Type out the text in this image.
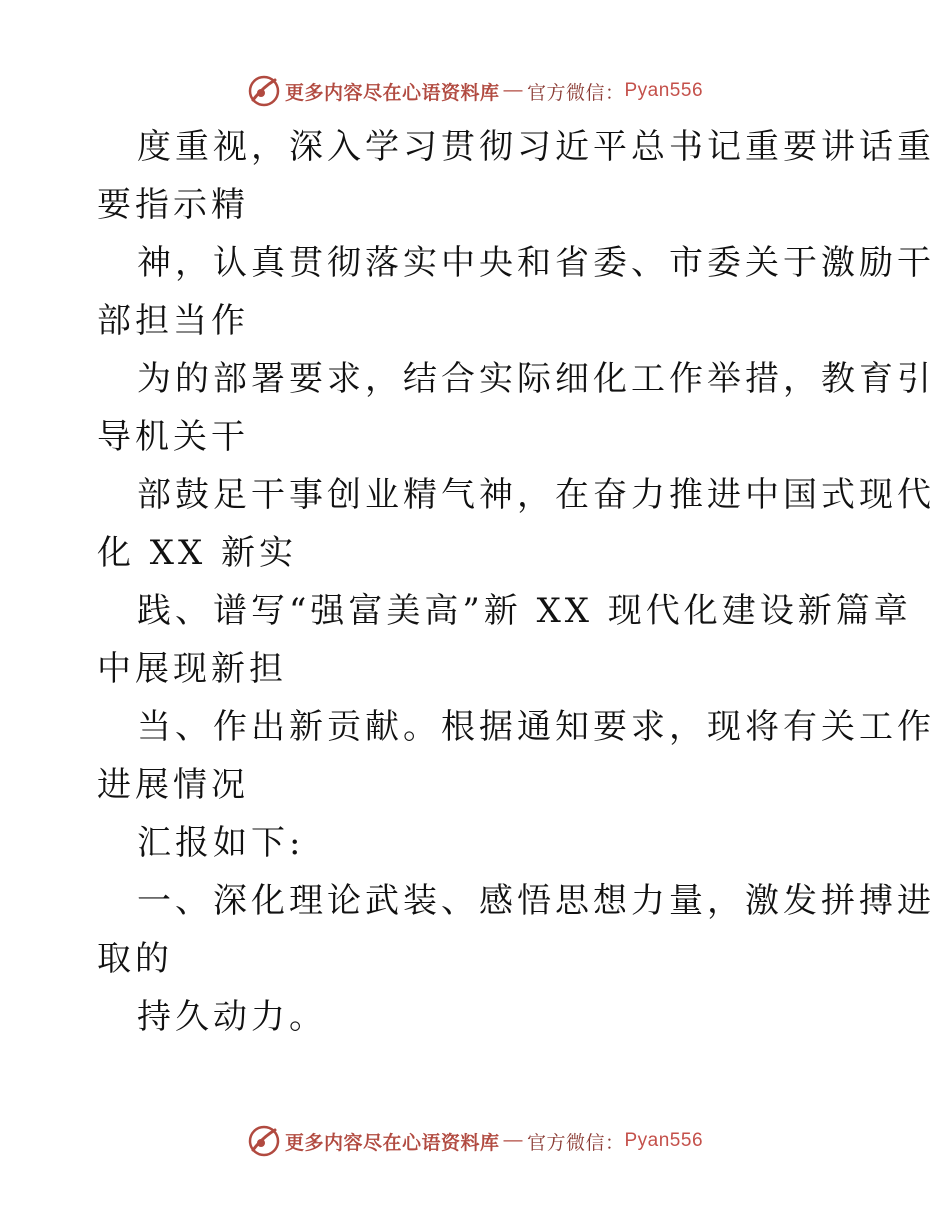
更多内容尽在心语资料库 — 官方微信： Pyan556
度重视，深入学习贯彻习近平总书记重要讲话重
要指示精
神，认真贯彻落实中央和省委、市委关于激励干
部担当作
为的部署要求，结合实际细化工作举措，教育引
导机关干
部鼓足干事创业精气神，在奋力推进中国式现代
化 XX 新实
践、谱写“强富美高”新 XX 现代化建设新篇章
中展现新担
当、作出新贡献。根据通知要求，现将有关工作
进展情况
汇报如下:
一、深化理论武装、感悟思想力量，激发拼搏进
取的
持久动力。
更多内容尽在心语资料库 — 官方微信： Pyan556
